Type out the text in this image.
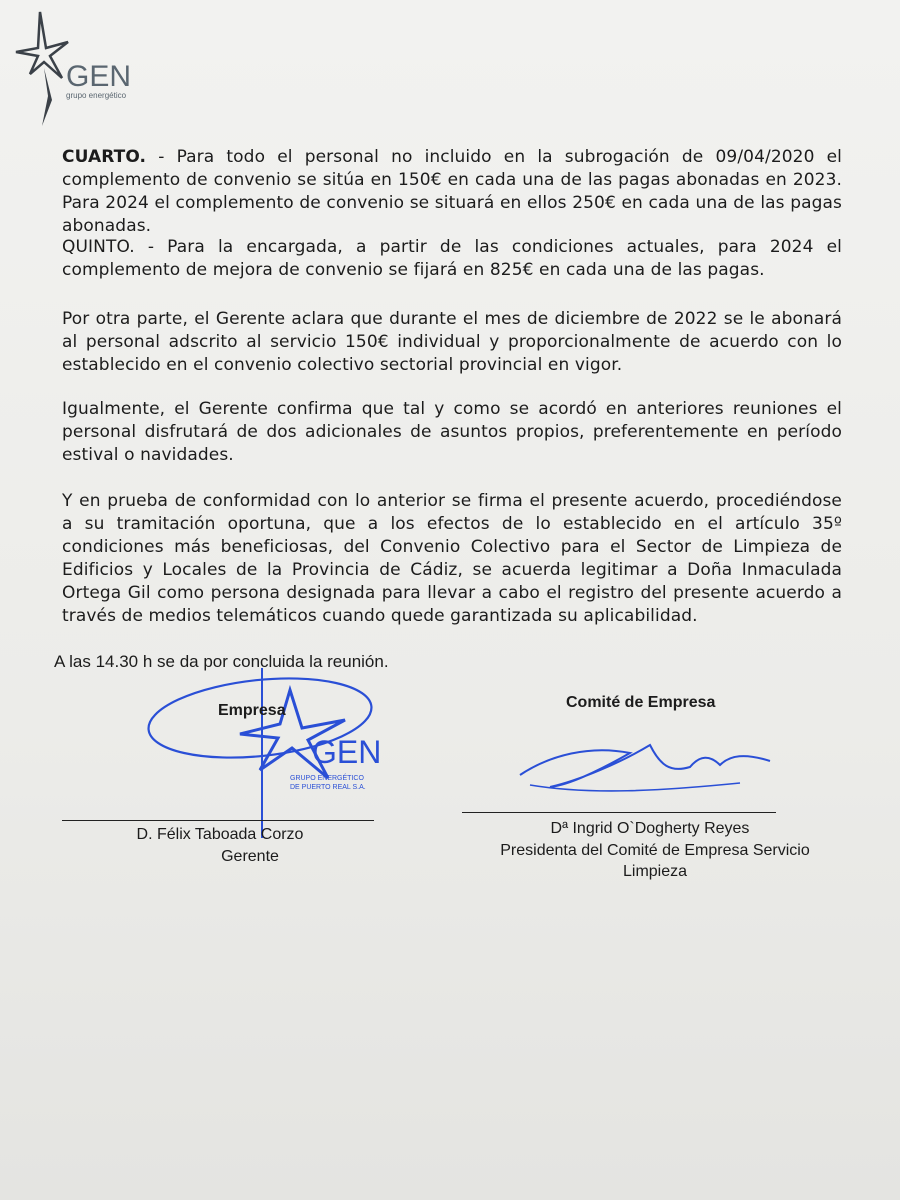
GEN
grupo energético
CUARTO. - Para todo el personal no incluido en la subrogación de 09/04/2020 el complemento de convenio se sitúa en 150€ en cada una de las pagas abonadas en 2023. Para 2024 el complemento de convenio se situará en ellos 250€ en cada una de las pagas abonadas.
QUINTO. - Para la encargada, a partir de las condiciones actuales, para 2024 el complemento de mejora de convenio se fijará en 825€ en cada una de las pagas.
Por otra parte, el Gerente aclara que durante el mes de diciembre de 2022 se le abonará al personal adscrito al servicio 150€ individual y proporcionalmente de acuerdo con lo establecido en el convenio colectivo sectorial provincial en vigor.
Igualmente, el Gerente confirma que tal y como se acordó en anteriores reuniones el personal disfrutará de dos adicionales de asuntos propios, preferentemente en período estival o navidades.
Y en prueba de conformidad con lo anterior se firma el presente acuerdo, procediéndose a su tramitación oportuna, que a los efectos de lo establecido en el artículo 35º condiciones más beneficiosas, del Convenio Colectivo para el Sector de Limpieza de Edificios y Locales de la Provincia de Cádiz, se acuerda legitimar a Doña Inmaculada Ortega Gil como persona designada para llevar a cabo el registro del presente acuerdo a través de medios telemáticos cuando quede garantizada su aplicabilidad.
A las 14.30 h se da por concluida la reunión.
GEN
GRUPO ENERGÉTICO
DE PUERTO REAL S.A.
Empresa
D. Félix Taboada Corzo
Gerente
Comité de Empresa
Dª Ingrid O`Dogherty Reyes
Presidenta del Comité de Empresa Servicio Limpieza
